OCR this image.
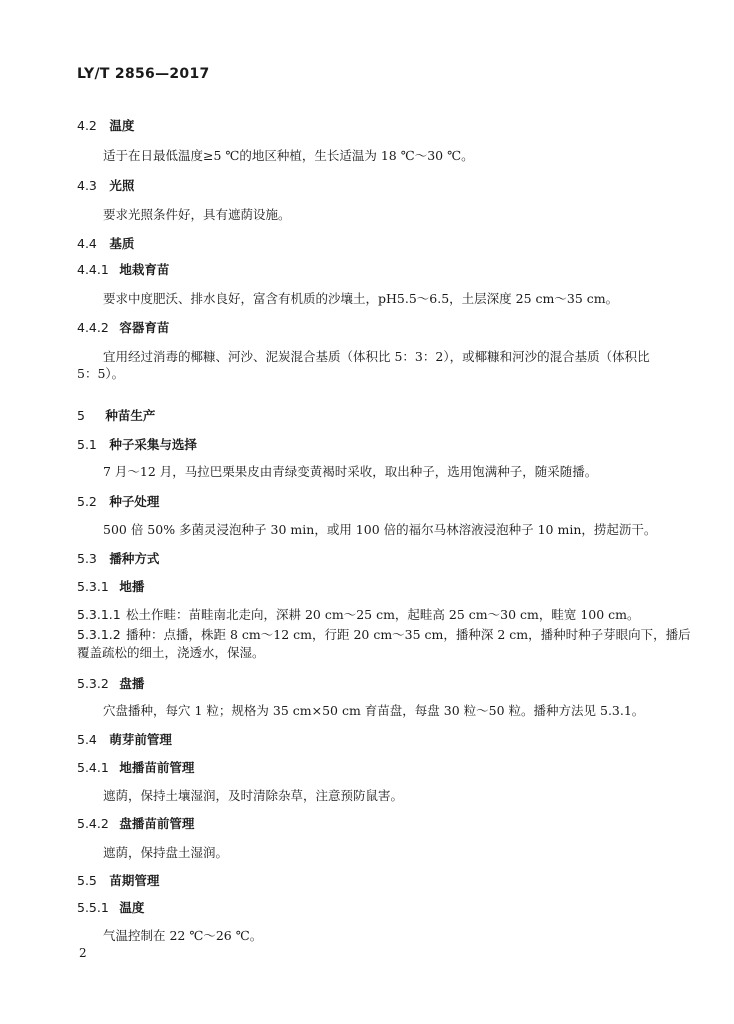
LY/T 2856—2017
4.2 温度
适于在日最低温度≥5 ℃的地区种植，生长适温为 18 ℃～30 ℃。
4.3 光照
要求光照条件好，具有遮荫设施。
4.4 基质
4.4.1 地栽育苗
要求中度肥沃、排水良好，富含有机质的沙壤土，pH5.5～6.5，土层深度 25 cm～35 cm。
4.4.2 容器育苗
宜用经过消毒的椰糠、河沙、泥炭混合基质（体积比 5：3：2），或椰糠和河沙的混合基质（体积比
5：5）。
5 种苗生产
5.1 种子采集与选择
7 月～12 月，马拉巴栗果皮由青绿变黄褐时采收，取出种子，选用饱满种子，随采随播。
5.2 种子处理
500 倍 50% 多菌灵浸泡种子 30 min，或用 100 倍的福尔马林溶液浸泡种子 10 min，捞起沥干。
5.3 播种方式
5.3.1 地播
5.3.1.1 松土作畦：苗畦南北走向，深耕 20 cm～25 cm，起畦高 25 cm～30 cm，畦宽 100 cm。
5.3.1.2 播种：点播，株距 8 cm～12 cm，行距 20 cm～35 cm，播种深 2 cm，播种时种子芽眼向下，播后
覆盖疏松的细土，浇透水，保湿。
5.3.2 盘播
穴盘播种，每穴 1 粒；规格为 35 cm×50 cm 育苗盘，每盘 30 粒～50 粒。播种方法见 5.3.1。
5.4 萌芽前管理
5.4.1 地播苗前管理
遮荫，保持土壤湿润，及时清除杂草，注意预防鼠害。
5.4.2 盘播苗前管理
遮荫，保持盘土湿润。
5.5 苗期管理
5.5.1 温度
气温控制在 22 ℃～26 ℃。
2
